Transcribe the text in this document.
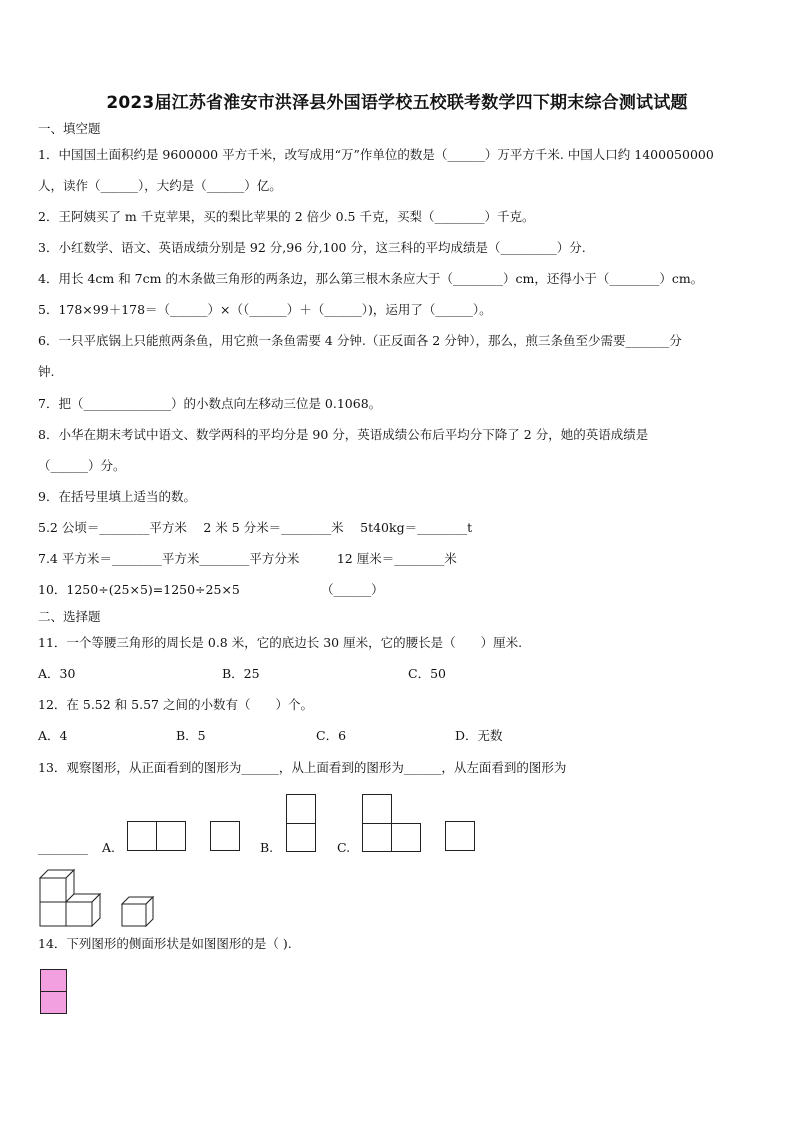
2023届江苏省淮安市洪泽县外国语学校五校联考数学四下期末综合测试试题
一、填空题
1．中国国土面积约是 9600000 平方千米，改写成用“万”作单位的数是（______）万平方千米. 中国人口约 1400050000
人，读作（______），大约是（______）亿。
2．王阿姨买了 m 千克苹果，买的梨比苹果的 2 倍少 0.5 千克，买梨（________）千克。
3．小红数学、语文、英语成绩分别是 92 分,96 分,100 分，这三科的平均成绩是（_________）分.
4．用长 4cm 和 7cm 的木条做三角形的两条边，那么第三根木条应大于（________）cm，还得小于（________）cm。
5．178×99＋178＝（______）×（（______）＋（______）)，运用了（______）。
6．一只平底锅上只能煎两条鱼，用它煎一条鱼需要 4 分钟.（正反面各 2 分钟），那么，煎三条鱼至少需要_______分
钟.
7．把（______________）的小数点向左移动三位是 0.1068。
8．小华在期末考试中语文、数学两科的平均分是 90 分，英语成绩公布后平均分下降了 2 分，她的英语成绩是
（______）分。
9．在括号里填上适当的数。
5.2 公顷＝________平方米　 2 米 5 分米＝________米　 5t40kg＝________t
7.4 平方米＝________平方米________平方分米　　　12 厘米＝________米
10．1250÷(25×5)=1250÷25×5　　　　　　　（______）
二、选择题
11．一个等腰三角形的周长是 0.8 米，它的底边长 30 厘米，它的腰长是（　　）厘米.
A．30	B．25	C．50
12．在 5.52 和 5.57 之间的小数有（　　）个。
A．4	B．5	C．6	D．无数
13．观察图形，从正面看到的图形为______，从上面看到的图形为______，从左面看到的图形为
________ A.	B.	C.
14．下列图形的侧面形状是如图图形的是（ ).
